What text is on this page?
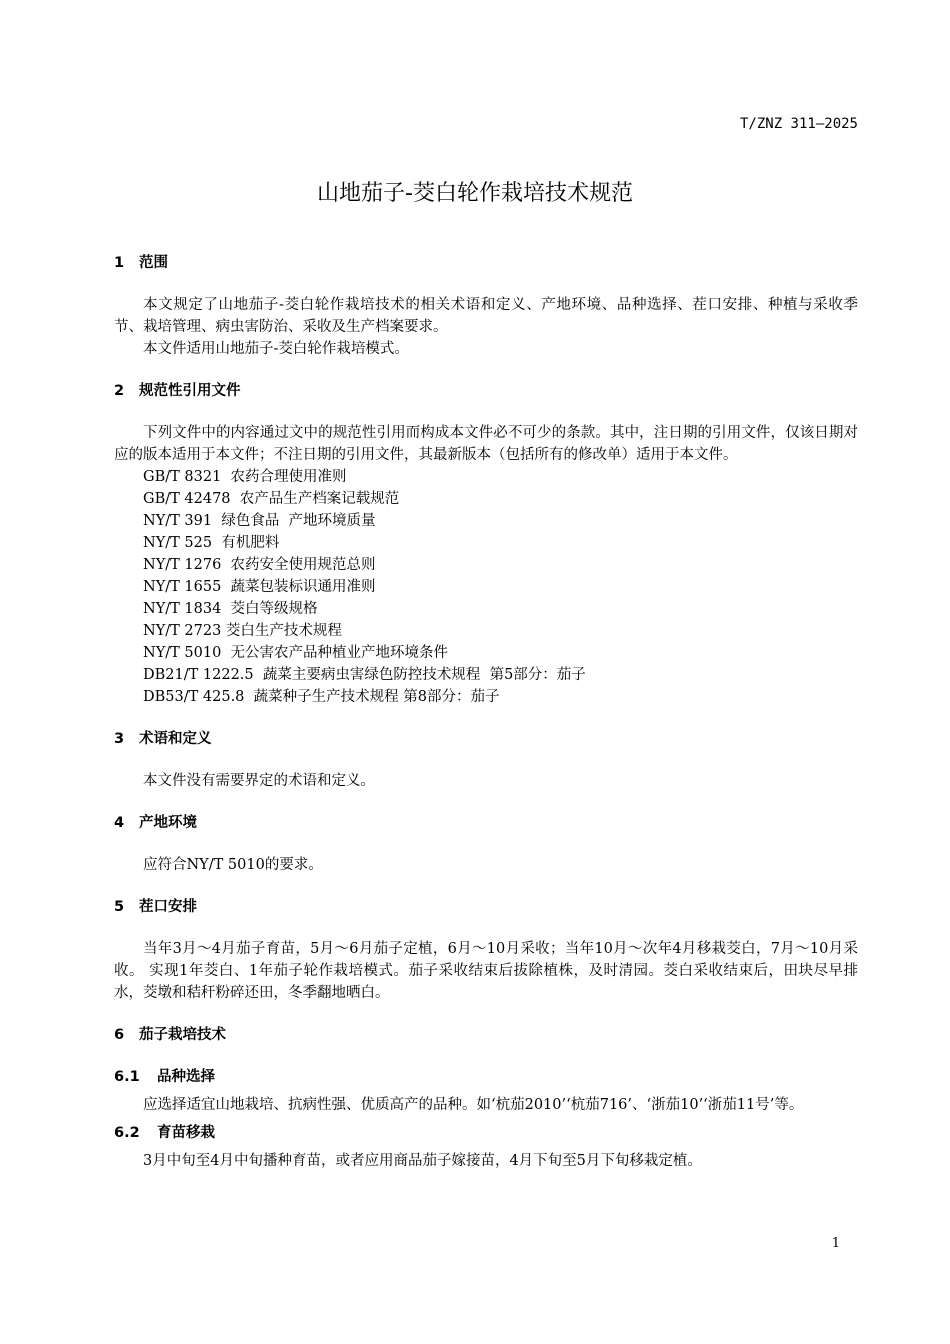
T/ZNZ 311—2025
山地茄子-茭白轮作栽培技术规范
1 范围

本文规定了山地茄子-茭白轮作栽培技术的相关术语和定义、产地环境、品种选择、茬口安排、种植与采收季节、栽培管理、病虫害防治、采收及生产档案要求。

本文件适用山地茄子-茭白轮作栽培模式。

2 规范性引用文件

下列文件中的内容通过文中的规范性引用而构成本文件必不可少的条款。其中，注日期的引用文件，仅该日期对应的版本适用于本文件；不注日期的引用文件，其最新版本（包括所有的修改单）适用于本文件。

GB/T 8321  农药合理使用准则

GB/T 42478  农产品生产档案记载规范

NY/T 391  绿色食品  产地环境质量

NY/T 525  有机肥料

NY/T 1276  农药安全使用规范总则

NY/T 1655  蔬菜包装标识通用准则

NY/T 1834  茭白等级规格

NY/T 2723 茭白生产技术规程

NY/T 5010  无公害农产品种植业产地环境条件

DB21/T 1222.5  蔬菜主要病虫害绿色防控技术规程  第5部分：茄子

DB53/T 425.8  蔬菜种子生产技术规程 第8部分：茄子

3 术语和定义

本文件没有需要界定的术语和定义。

4 产地环境

应符合NY/T 5010的要求。

5 茬口安排

当年3月～4月茄子育苗，5月～6月茄子定植，6月～10月采收；当年10月～次年4月移栽茭白，7月～10月采收。 实现1年茭白、1年茄子轮作栽培模式。茄子采收结束后拔除植株，及时清园。茭白采收结束后，田块尽早排水，茭墩和秸秆粉碎还田，冬季翻地晒白。

6 茄子栽培技术
6.1 品种选择

应选择适宜山地栽培、抗病性强、优质高产的品种。如‘杭茄2010’‘杭茄716’、‘浙茄10’‘浙茄11号’等。

6.2 育苗移栽

3月中旬至4月中旬播种育苗，或者应用商品茄子嫁接苗，4月下旬至5月下旬移栽定植。

1
